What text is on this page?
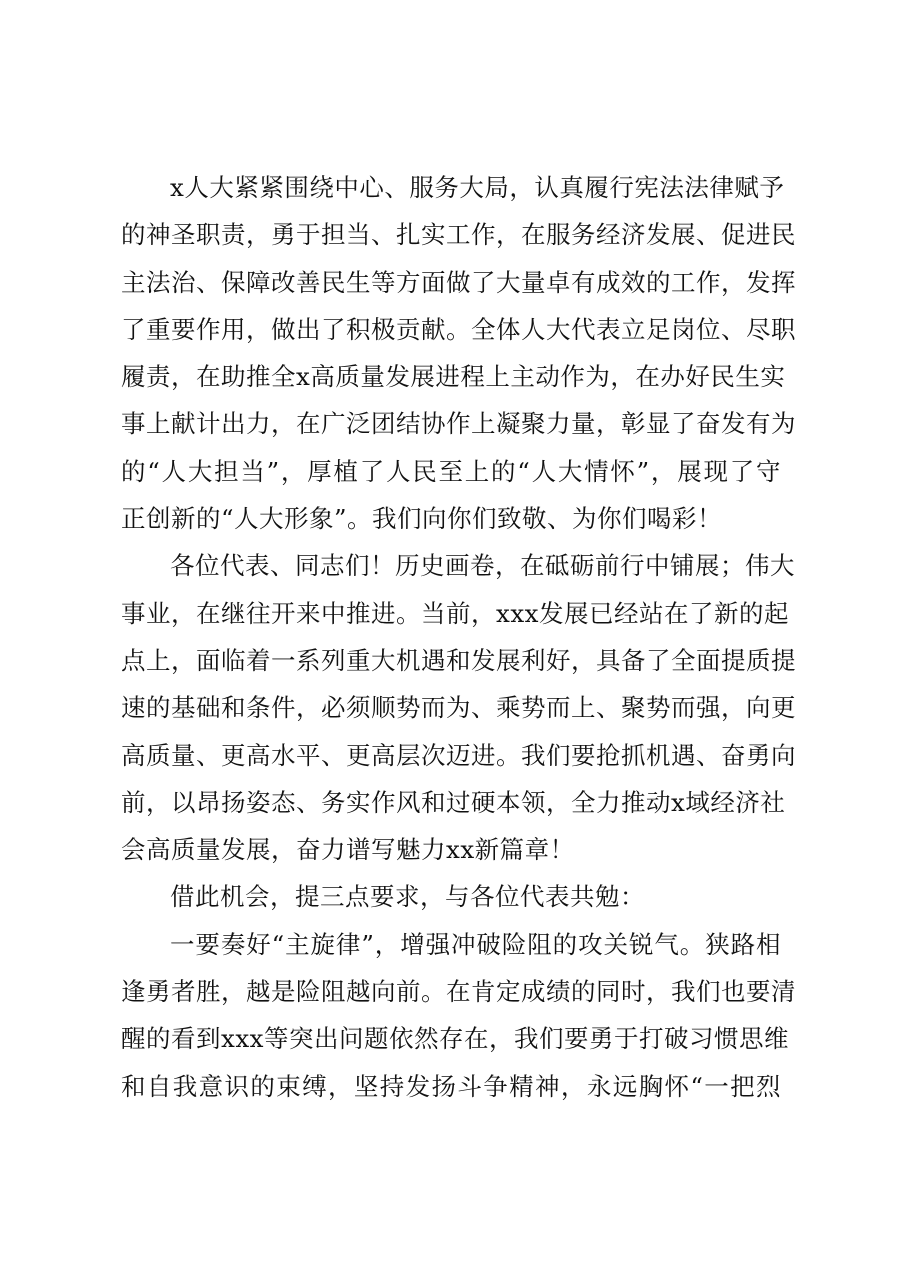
x人大紧紧围绕中心、服务大局，认真履行宪法法律赋予
的神圣职责，勇于担当、扎实工作，在服务经济发展、促进民
主法治、保障改善民生等方面做了大量卓有成效的工作，发挥
了重要作用，做出了积极贡献。全体人大代表立足岗位、尽职
履责，在助推全x高质量发展进程上主动作为，在办好民生实
事上献计出力，在广泛团结协作上凝聚力量，彰显了奋发有为
的“人大担当”，厚植了人民至上的“人大情怀”，展现了守
正创新的“人大形象”。我们向你们致敬、为你们喝彩！
各位代表、同志们！历史画卷，在砥砺前行中铺展；伟大
事业，在继往开来中推进。当前，xxx发展已经站在了新的起
点上，面临着一系列重大机遇和发展利好，具备了全面提质提
速的基础和条件，必须顺势而为、乘势而上、聚势而强，向更
高质量、更高水平、更高层次迈进。我们要抢抓机遇、奋勇向
前，以昂扬姿态、务实作风和过硬本领，全力推动x域经济社
会高质量发展，奋力谱写魅力xx新篇章！
借此机会，提三点要求，与各位代表共勉：
一要奏好“主旋律”，增强冲破险阻的攻关锐气。狭路相
逢勇者胜，越是险阻越向前。在肯定成绩的同时，我们也要清
醒的看到xxx等突出问题依然存在，我们要勇于打破习惯思维
和自我意识的束缚，坚持发扬斗争精神，永远胸怀“一把烈
